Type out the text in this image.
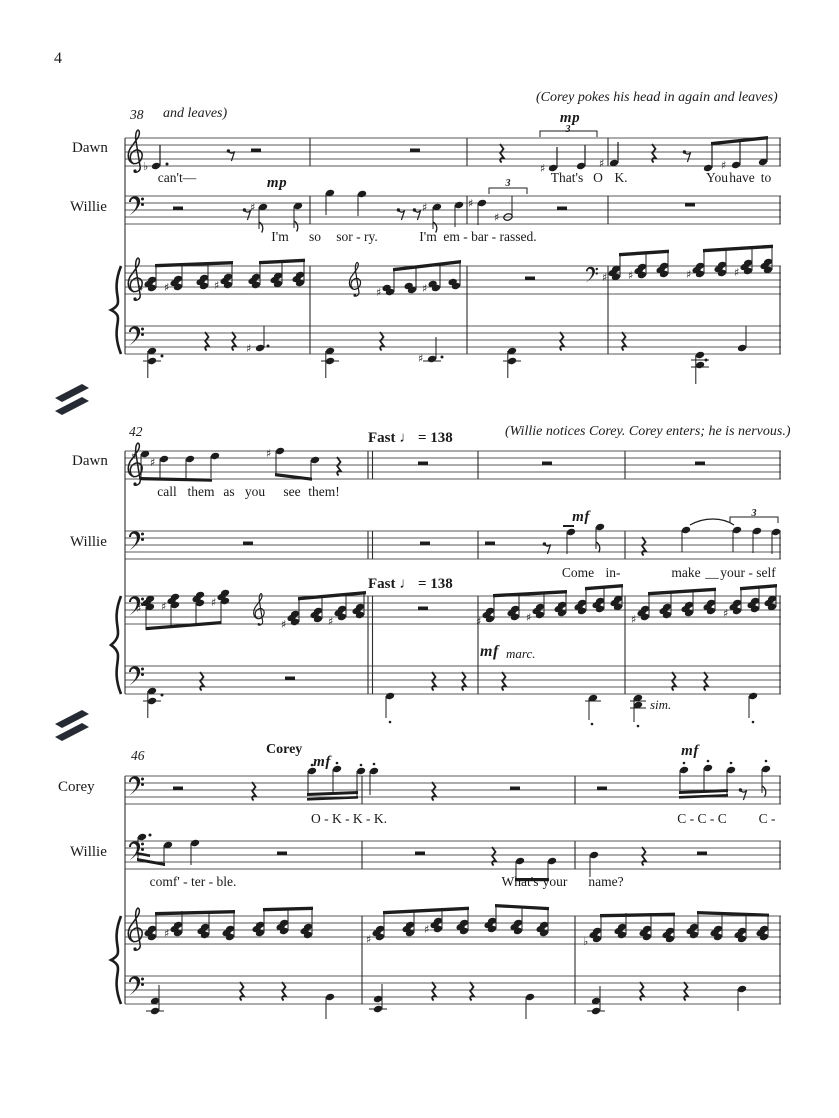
♭	♯	♯	♯
♯	♯	♯
♯
♯ ♯	♯
♯	♯
♯ ♯	♯	♯
♯
♯
♯ ♯
♯
♯ ♯	♯
♯	♯	♯	♯	♯	♯
♯	♯
♯
♭
4
(Corey pokes his head in again and leaves)
38 and leaves)
Dawn
mp
3
can't—	That's O K.	You have to
Willie
mp	3
I'm so sor - ry.	I'm em - bar - rassed.
42	Fast ♩ = 138	(Willie notices Corey. Corey enters; he is nervous.)
Dawn
call them as you see them!
Willie
mf	3
Come in-	make __ your - self
Fast ♩ = 138
mf marc.
sim.
46	Corey
mf
mf
Corey
O - K - K - K.	C - C - C C -
Willie
comf' - ter - ble.	What's your name?
